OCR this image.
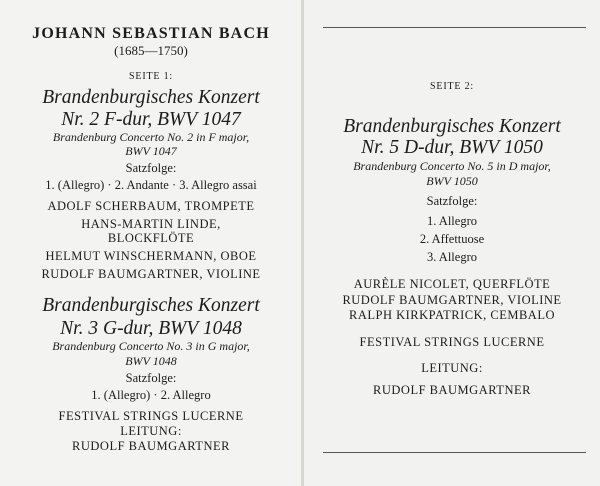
JOHANN SEBASTIAN BACH
(1685—1750)
SEITE 1:
Brandenburgisches Konzert
Nr. 2 F-dur, BWV 1047
Brandenburg Concerto No. 2 in F major,
BWV 1047
Satzfolge:
1. (Allegro) · 2. Andante · 3. Allegro assai
ADOLF SCHERBAUM, TROMPETE
HANS-MARTIN LINDE,
BLOCKFLÖTE
HELMUT WINSCHERMANN, OBOE
RUDOLF BAUMGARTNER, VIOLINE
Brandenburgisches Konzert
Nr. 3 G-dur, BWV 1048
Brandenburg Concerto No. 3 in G major,
BWV 1048
Satzfolge:
1. (Allegro) · 2. Allegro
FESTIVAL STRINGS LUCERNE
LEITUNG:
RUDOLF BAUMGARTNER
SEITE 2:
Brandenburgisches Konzert
Nr. 5 D-dur, BWV 1050
Brandenburg Concerto No. 5 in D major,
BWV 1050
Satzfolge:
1. Allegro
2. Affettuose
3. Allegro
AURÈLE NICOLET, QUERFLÖTE
RUDOLF BAUMGARTNER, VIOLINE
RALPH KIRKPATRICK, CEMBALO
FESTIVAL STRINGS LUCERNE
LEITUNG:
RUDOLF BAUMGARTNER
